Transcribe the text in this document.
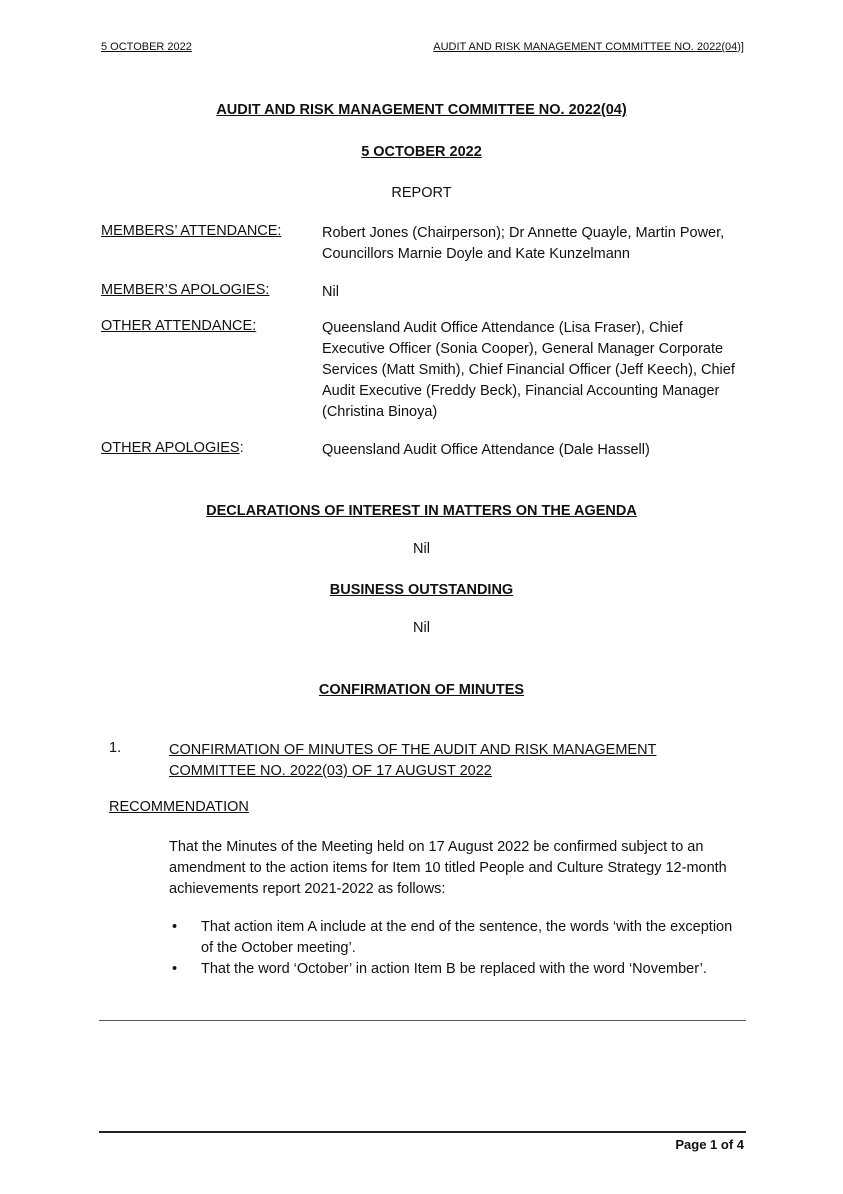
5 OCTOBER 2022	AUDIT AND RISK MANAGEMENT COMMITTEE NO. 2022(04)]
AUDIT AND RISK MANAGEMENT COMMITTEE NO. 2022(04)
5 OCTOBER 2022
REPORT
MEMBERS’ ATTENDANCE:	Robert Jones (Chairperson); Dr Annette Quayle, Martin Power, Councillors Marnie Doyle and Kate Kunzelmann
MEMBER’S APOLOGIES:	Nil
OTHER ATTENDANCE:	Queensland Audit Office Attendance (Lisa Fraser), Chief Executive Officer (Sonia Cooper), General Manager Corporate Services (Matt Smith), Chief Financial Officer (Jeff Keech), Chief Audit Executive (Freddy Beck), Financial Accounting Manager (Christina Binoya)
OTHER APOLOGIES:	Queensland Audit Office Attendance (Dale Hassell)
DECLARATIONS OF INTEREST IN MATTERS ON THE AGENDA
Nil
BUSINESS OUTSTANDING
Nil
CONFIRMATION OF MINUTES
1.	CONFIRMATION OF MINUTES OF THE AUDIT AND RISK MANAGEMENT COMMITTEE NO. 2022(03) OF 17 AUGUST 2022
RECOMMENDATION
That the Minutes of the Meeting held on 17 August 2022 be confirmed subject to an amendment to the action items for Item 10 titled People and Culture Strategy 12-month achievements report 2021-2022 as follows:
• That action item A include at the end of the sentence, the words ‘with the exception of the October meeting’.
• That the word ‘October’ in action Item B be replaced with the word ‘November’.
Page 1 of 4
